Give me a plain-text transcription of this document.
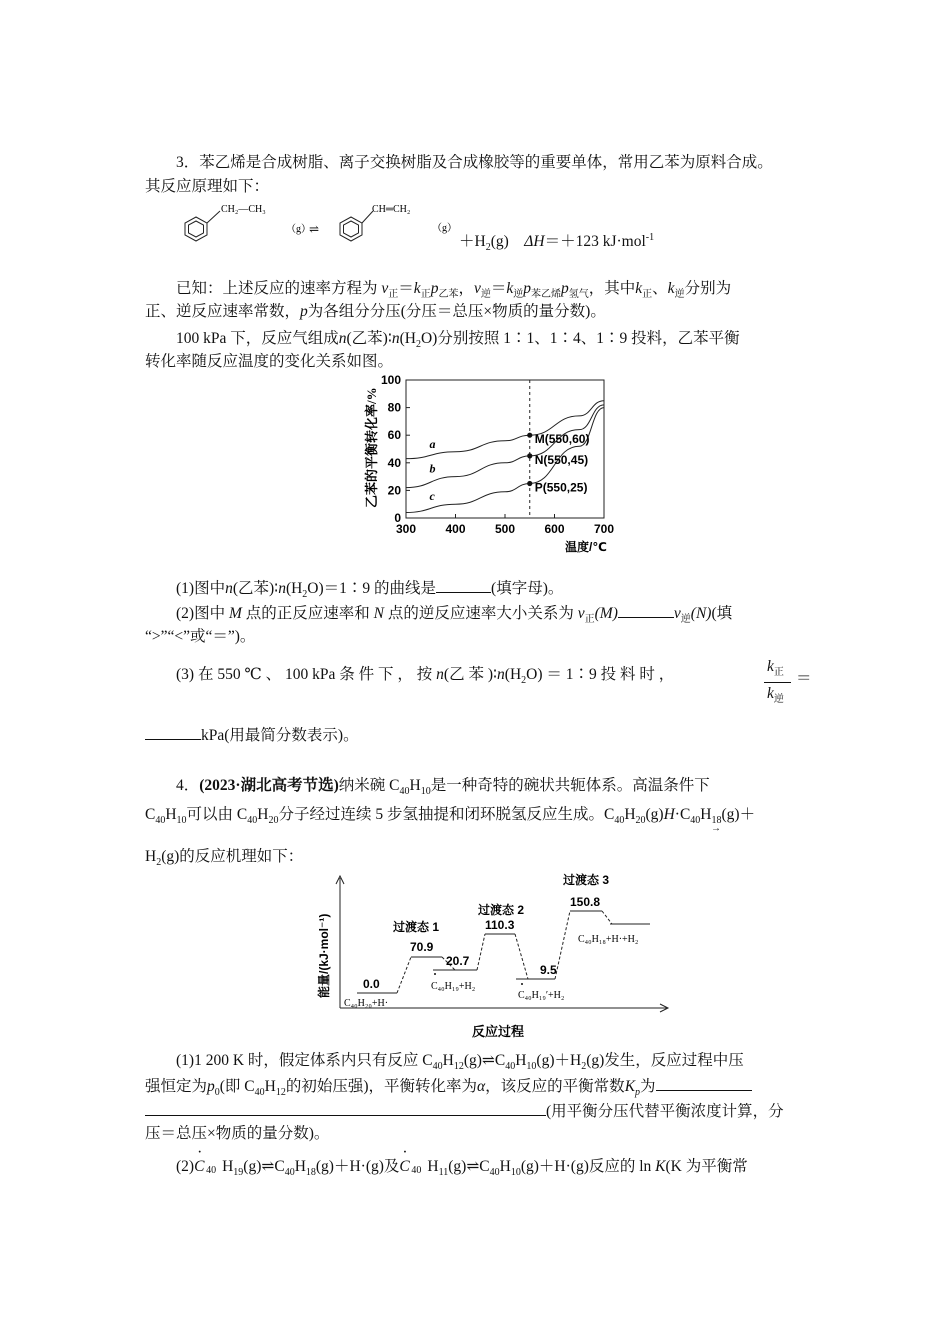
3．苯乙烯是合成树脂、离子交换树脂及合成橡胶等的重要单体，常用乙苯为原料合成。
其反应原理如下：
CH₂—CH₃
（g）
⇌
CH═CH₂
（g）
$+H_2(g)$ ΔH＝＋123 kJ·mol$^{-1}$
已知：上述反应的速率方程为 $v_正=k_正p_{乙苯}$，$v_逆=k_逆p_{苯乙烯}p_{氢气}$，其中$k_正$、$k_逆$分别为
正、逆反应速率常数，p为各组分分压(分压＝总压×物质的量分数)。
100 kPa 下，反应气组成n(乙苯)$∶n(H_2O)$分别按照 1∶1、1∶4、1∶9 投料，乙苯平衡
转化率随反应温度的变化关系如图。
乙苯的平衡转化率/%
温度/℃
0
20
40
60
80
100
300 400 500 600 700
a
b
c
M(550,60)
N(550,45)
P(550,25)
(1)图中n(乙苯)$∶n(H_2O)=1∶9$ 的曲线是	(填字母)。
(2)图中 M 点的正反应速率和 N 点的逆反应速率大小关系为 $v_正(M)$	$v_逆(N)$(填
“>”“<”或“＝”)。
(3) 在 550 ℃ 、 100 kPa 条 件 下 ， 按 n(乙 苯 )$∶n(H_2O)$ ＝ 1∶9 投 料 时 ，	$k_正$
$k_逆$
＝
kPa(用最简分数表示)。
4．(2023·湖北高考节选)纳米碗 $C_{40}H_{10}$是一种奇特的碗状共轭体系。高温条件下
$C_{40}H_{10}$可以由 $C_{40}H_{20}$分子经过连续 5 步氢抽提和闭环脱氢反应生成。$C_{40}H_{20}(g)H\cdot C_{40}H_{18}(g)+$
→
$H_2(g)$的反应机理如下：
能量/(kJ·mol⁻¹)
反应过程
0.0
过渡态 1
70.9
20.7
过渡态 2
110.3
9.5
过渡态 3
150.8
C₄₀H₂₀+H·
C₄₀H₁₉+H₂
C₄₀H₁₉′+H₂
C₄₀H₁₈+H·+H₂
(1)1 200 K 时，假定体系内只有反应 $C_{40}H_{12}(g)\rightleftharpoons C_{40}H_{10}(g)+H_2(g)$发生，反应过程中压
强恒定为$p_0$(即 $C_{40}H_{12}$的初始压强)，平衡转化率为α，该反应的平衡常数$K_p$为
(用平衡分压代替平衡浓度计算，分
压＝总压×物质的量分数)。
(2)
·
C 40 $H_{19}(g)\rightleftharpoons C_{40}H_{18}(g)+H\cdot(g)$及
·
C 40 $H_{11}(g)\rightleftharpoons C_{40}H_{10}(g)+H\cdot(g)$反应的 ln K(K 为平衡常
